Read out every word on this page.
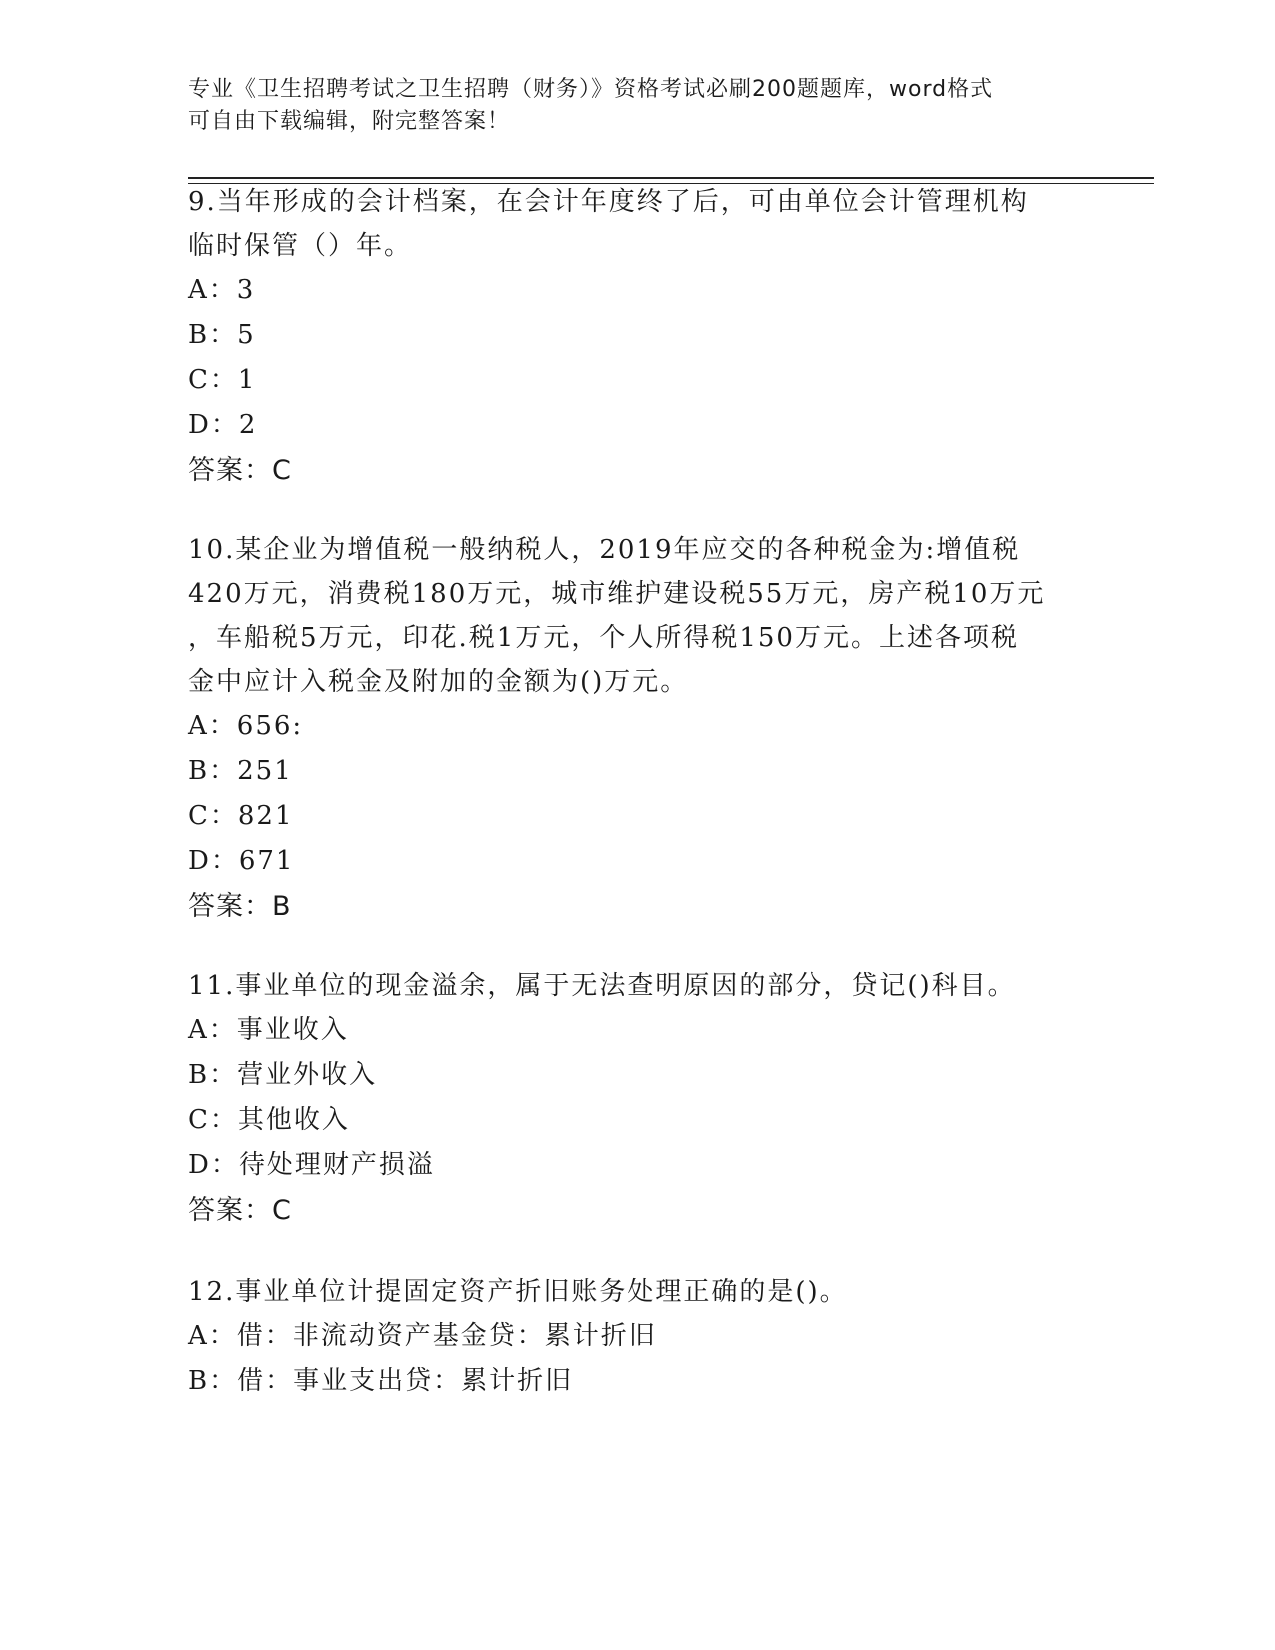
专业《卫生招聘考试之卫生招聘（财务）》资格考试必刷200题题库，word格式
可自由下载编辑，附完整答案！
9.当年形成的会计档案，在会计年度终了后，可由单位会计管理机构
临时保管（）年。
A：3
B：5
C：1
D：2
答案：C
10.某企业为增值税一般纳税人，2019年应交的各种税金为:增值税
420万元，消费税180万元，城市维护建设税55万元，房产税10万元
，车船税5万元，印花.税1万元，个人所得税150万元。上述各项税
金中应计入税金及附加的金额为()万元。
A：656:
B：251
C：821
D：671
答案：B
11.事业单位的现金溢余，属于无法查明原因的部分，贷记()科目。
A：事业收入
B：营业外收入
C：其他收入
D：待处理财产损溢
答案：C
12.事业单位计提固定资产折旧账务处理正确的是()。
A：借：非流动资产基金贷：累计折旧
B：借：事业支出贷：累计折旧
